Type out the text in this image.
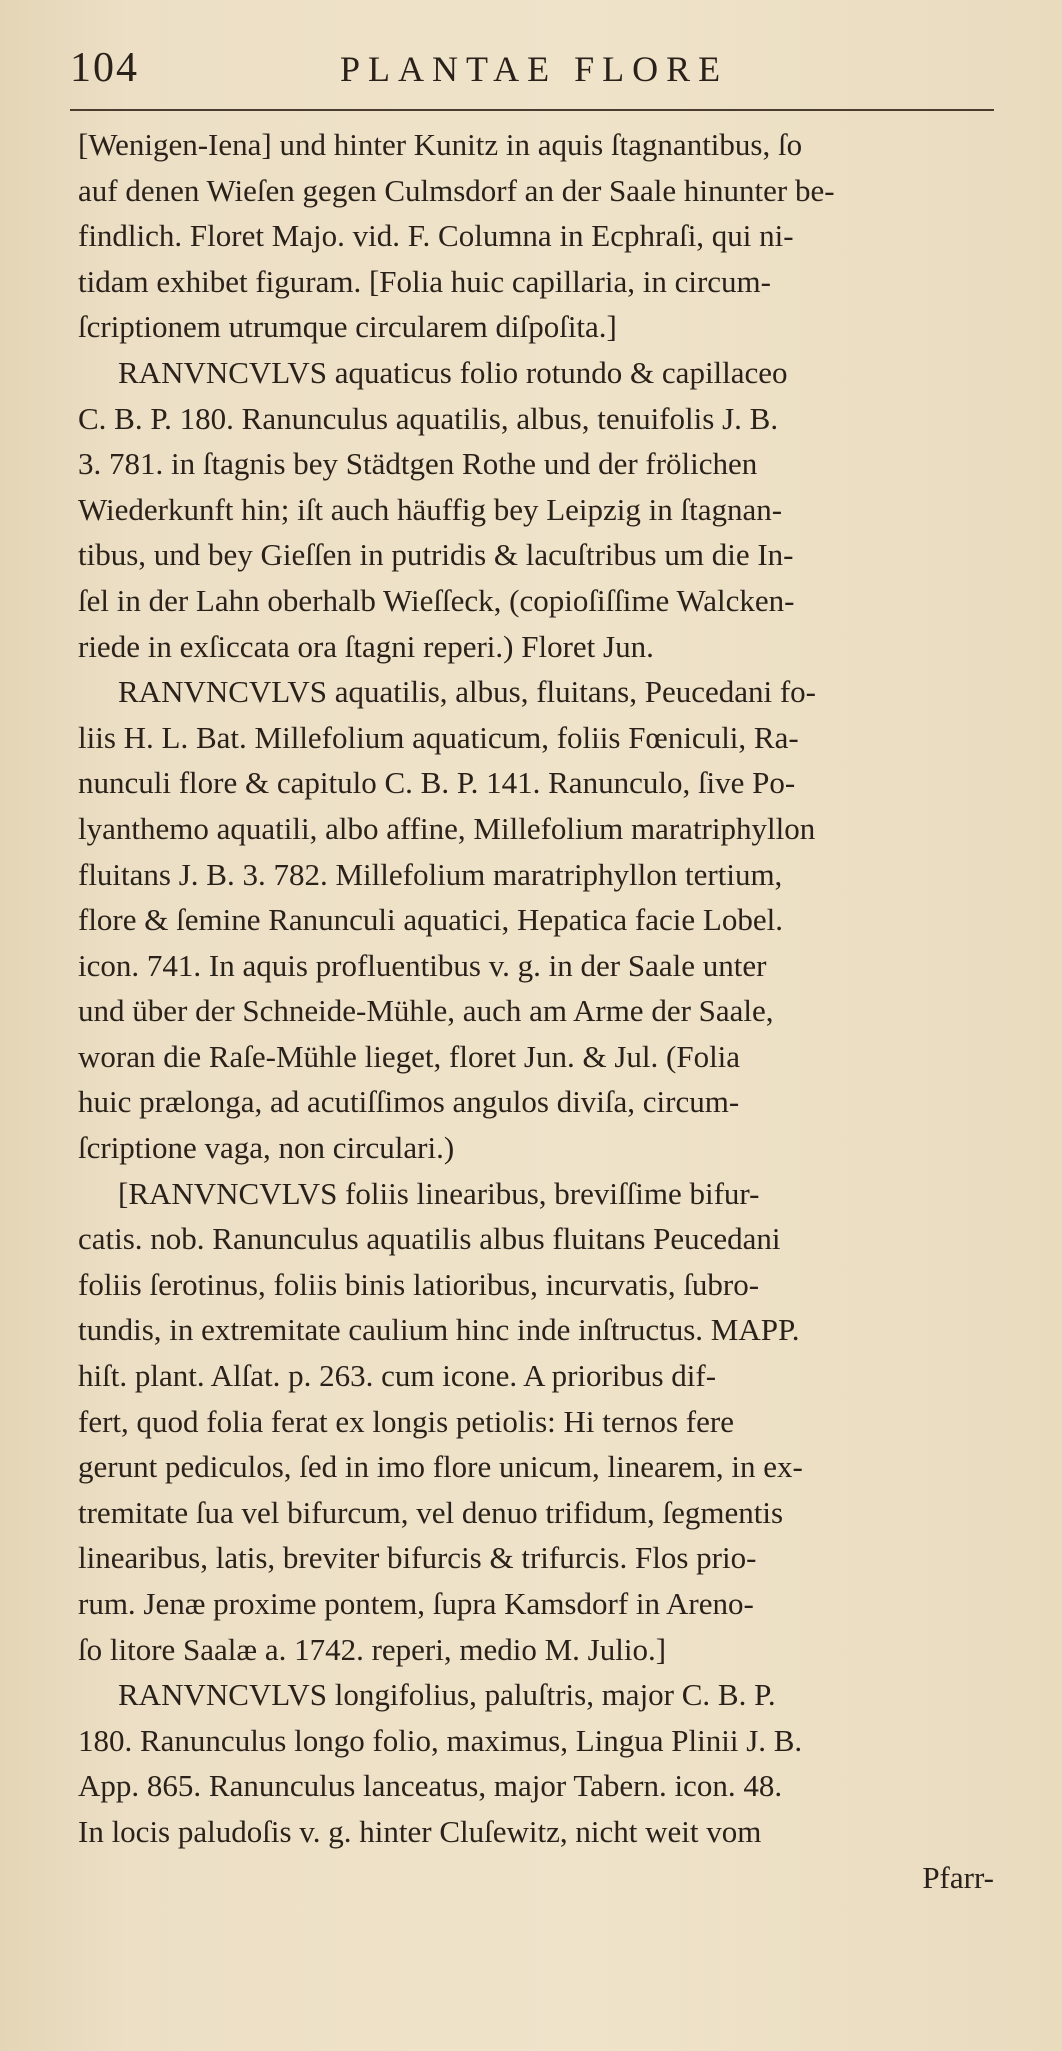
104	PLANTAE FLORE
[Wenigen-Iena] und hinter Kunitz in aquis ſtagnantibus, ſo
auf denen Wieſen gegen Culmsdorf an der Saale hinunter be-
findlich. Floret Majo. vid. F. Columna in Ecphraſi, qui ni-
tidam exhibet figuram. [Folia huic capillaria, in circum-
ſcriptionem utrumque circularem diſpoſita.]
RANVNCVLVS aquaticus folio rotundo & capillaceo
C. B. P. 180. Ranunculus aquatilis, albus, tenuifolis J. B.
3. 781. in ſtagnis bey Städtgen Rothe und der frölichen
Wiederkunft hin; iſt auch häuffig bey Leipzig in ſtagnan-
tibus, und bey Gieſſen in putridis & lacuſtribus um die In-
ſel in der Lahn oberhalb Wieſſeck, (copioſiſſime Walcken-
riede in exſiccata ora ſtagni reperi.) Floret Jun.
RANVNCVLVS aquatilis, albus, fluitans, Peucedani fo-
liis H. L. Bat. Millefolium aquaticum, foliis Fœniculi, Ra-
nunculi flore & capitulo C. B. P. 141. Ranunculo, ſive Po-
lyanthemo aquatili, albo affine, Millefolium maratriphyllon
fluitans J. B. 3. 782. Millefolium maratriphyllon tertium,
flore & ſemine Ranunculi aquatici, Hepatica facie Lobel.
icon. 741. In aquis profluentibus v. g. in der Saale unter
und über der Schneide-Mühle, auch am Arme der Saale,
woran die Raſe-Mühle lieget, floret Jun. & Jul. (Folia
huic prælonga, ad acutiſſimos angulos diviſa, circum-
ſcriptione vaga, non circulari.)
[RANVNCVLVS foliis linearibus, breviſſime bifur-
catis. nob. Ranunculus aquatilis albus fluitans Peucedani
foliis ſerotinus, foliis binis latioribus, incurvatis, ſubro-
tundis, in extremitate caulium hinc inde inſtructus. MAPP.
hiſt. plant. Alſat. p. 263. cum icone. A prioribus dif-
fert, quod folia ferat ex longis petiolis: Hi ternos fere
gerunt pediculos, ſed in imo flore unicum, linearem, in ex-
tremitate ſua vel bifurcum, vel denuo trifidum, ſegmentis
linearibus, latis, breviter bifurcis & trifurcis. Flos prio-
rum. Jenæ proxime pontem, ſupra Kamsdorf in Areno-
ſo litore Saalæ a. 1742. reperi, medio M. Julio.]
RANVNCVLVS longifolius, paluſtris, major C. B. P.
180. Ranunculus longo folio, maximus, Lingua Plinii J. B.
App. 865. Ranunculus lanceatus, major Tabern. icon. 48.
In locis paludoſis v. g. hinter Cluſewitz, nicht weit vom
Pfarr-
